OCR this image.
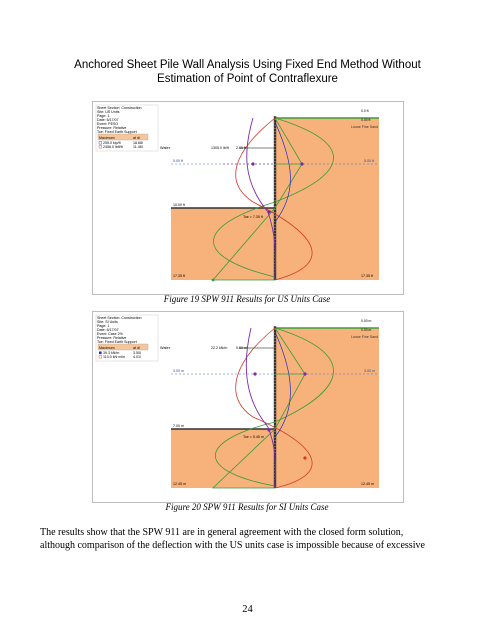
Anchored Sheet Pile Wall Analysis Using Fixed End Method Without
Estimation of Point of Contraflexure
Maximum	at dl
Sheet Section: Construction
Site: US Units
Page: 1
Date: 6/17/07
Event: PESO
Pressure: Relative
Toe: Fixed Earth Support
255.0 kip/ft	18.68l
2456.0 lbft/ft	11.46l	Water	1305.0 lb/ft 2.00 ft
0.0 ft
0.00 ft
Loose Fine Sand
5.00 ft	5.00 ft
10.00 ft
Toe = 7.35 ft
17.35 ft	17.35 ft
Figure 19 SPW 911 Results for US Units Case
Maximum	at dl
Sheet Section: Construction
Site: SI Units
Page: 1
Date: 6/17/07
Event: Case 2%
Pressure: Relative
Toe: Fixed Earth Support
39.3 kN/m	3.50l
110.0 kN·m/m 4.01l
Water	22.2 kN/m 0.60 m
0.00 m
0.00 m
Loose Fine Sand
3.00 m	3.00 m
7.00 m
Toe = 5.45 m
12.45 m	12.45 m
Figure 20 SPW 911 Results for SI Units Case
The results show that the SPW 911 are in general agreement with the closed form solution,
although comparison of the deflection with the US units case is impossible because of excessive
24
